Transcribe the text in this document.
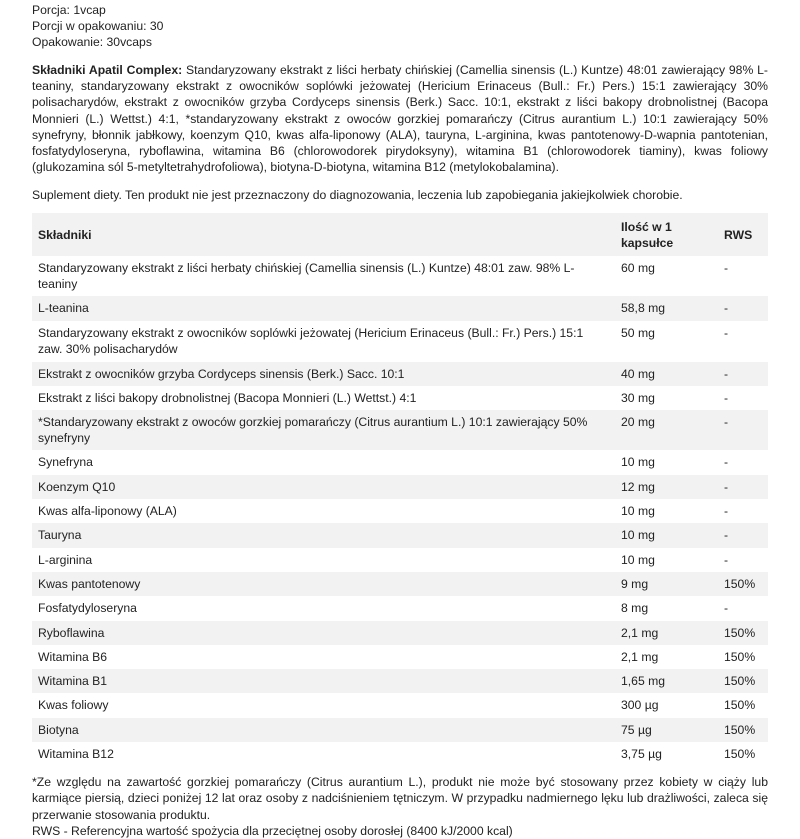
Porcja: 1vcap

Porcji w opakowaniu: 30

Opakowanie: 30vcaps

Składniki Apatil Complex: Standaryzowany ekstrakt z liści herbaty chińskiej (Camellia sinensis (L.) Kuntze) 48:01 zawierający 98% L-teaniny, standaryzowany ekstrakt z owocników soplówki jeżowatej (Hericium Erinaceus (Bull.: Fr.) Pers.) 15:1 zawierający 30% polisacharydów, ekstrakt z owocników grzyba Cordyceps sinensis (Berk.) Sacc. 10:1, ekstrakt z liści bakopy drobnolistnej (Bacopa Monnieri (L.) Wettst.) 4:1, *standaryzowany ekstrakt z owoców gorzkiej pomarańczy (Citrus aurantium L.) 10:1 zawierający 50% synefryny, błonnik jabłkowy, koenzym Q10, kwas alfa-liponowy (ALA), tauryna, L-arginina, kwas pantotenowy-D-wapnia pantotenian, fosfatydyloseryna, ryboflawina, witamina B6 (chlorowodorek pirydoksyny), witamina B1 (chlorowodorek tiaminy), kwas foliowy (glukozamina sól 5-metyltetrahydrofoliowa), biotyna-D-biotyna, witamina B12 (metylokobalamina).

Suplement diety. Ten produkt nie jest przeznaczony do diagnozowania, leczenia lub zapobiegania jakiejkolwiek chorobie.

Składniki	Ilość w 1 kapsułce	RWS
Standaryzowany ekstrakt z liści herbaty chińskiej (Camellia sinensis (L.) Kuntze) 48:01 zaw. 98% L-teaniny	60 mg	-
L-teanina	58,8 mg	-
Standaryzowany ekstrakt z owocników soplówki jeżowatej (Hericium Erinaceus (Bull.: Fr.) Pers.) 15:1 zaw. 30% polisacharydów	50 mg	-
Ekstrakt z owocników grzyba Cordyceps sinensis (Berk.) Sacc. 10:1	40 mg	-
Ekstrakt z liści bakopy drobnolistnej (Bacopa Monnieri (L.) Wettst.) 4:1	30 mg	-
*Standaryzowany ekstrakt z owoców gorzkiej pomarańczy (Citrus aurantium L.) 10:1 zawierający 50% synefryny	20 mg	-
Synefryna	10 mg	-
Koenzym Q10	12 mg	-
Kwas alfa-liponowy (ALA)	10 mg	-
Tauryna	10 mg	-
L-arginina	10 mg	-
Kwas pantotenowy	9 mg	150%
Fosfatydyloseryna	8 mg	-
Ryboflawina	2,1 mg	150%
Witamina B6	2,1 mg	150%
Witamina B1	1,65 mg	150%
Kwas foliowy	300 µg	150%
Biotyna	75 µg	150%
Witamina B12	3,75 µg	150%

*Ze względu na zawartość gorzkiej pomarańczy (Citrus aurantium L.), produkt nie może być stosowany przez kobiety w ciąży lub karmiące piersią, dzieci poniżej 12 lat oraz osoby z nadciśnieniem tętniczym. W przypadku nadmiernego lęku lub drażliwości, zaleca się przerwanie stosowania produktu.

RWS - Referencyjna wartość spożycia dla przeciętnej osoby dorosłej (8400 kJ/2000 kcal)
